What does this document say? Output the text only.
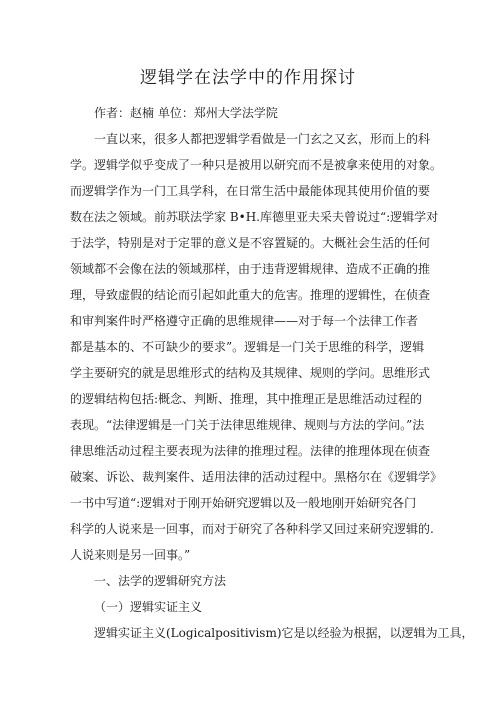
逻辑学在法学中的作用探讨
作者：赵楠 单位：郑州大学法学院
一直以来，很多人都把逻辑学看做是一门玄之又玄，形而上的科
学。逻辑学似乎变成了一种只是被用以研究而不是被拿来使用的对象。
而逻辑学作为一门工具学科，在日常生活中最能体现其使用价值的要
数在法之领域。前苏联法学家 B•H.库德里亚夫采夫曾说过“:逻辑学对
于法学，特别是对于定罪的意义是不容置疑的。大概社会生活的任何
领域都不会像在法的领域那样，由于违背逻辑规律、造成不正确的推
理，导致虚假的结论而引起如此重大的危害。推理的逻辑性，在侦查
和审判案件时严格遵守正确的思维规律——对于每一个法律工作者
都是基本的、不可缺少的要求”。逻辑是一门关于思维的科学，逻辑
学主要研究的就是思维形式的结构及其规律、规则的学问。思维形式
的逻辑结构包括:概念、判断、推理，其中推理正是思维活动过程的
表现。“法律逻辑是一门关于法律思维规律、规则与方法的学问。”法
律思维活动过程主要表现为法律的推理过程。法律的推理体现在侦查
破案、诉讼、裁判案件、适用法律的活动过程中。黑格尔在《逻辑学》
一书中写道“:逻辑对于刚开始研究逻辑以及一般地刚开始研究各门
科学的人说来是一回事，而对于研究了各种科学又回过来研究逻辑的.
人说来则是另一回事。”
一、法学的逻辑研究方法
（一）逻辑实证主义
逻辑实证主义(Logicalpositivism)它是以经验为根据，以逻辑为工具，
